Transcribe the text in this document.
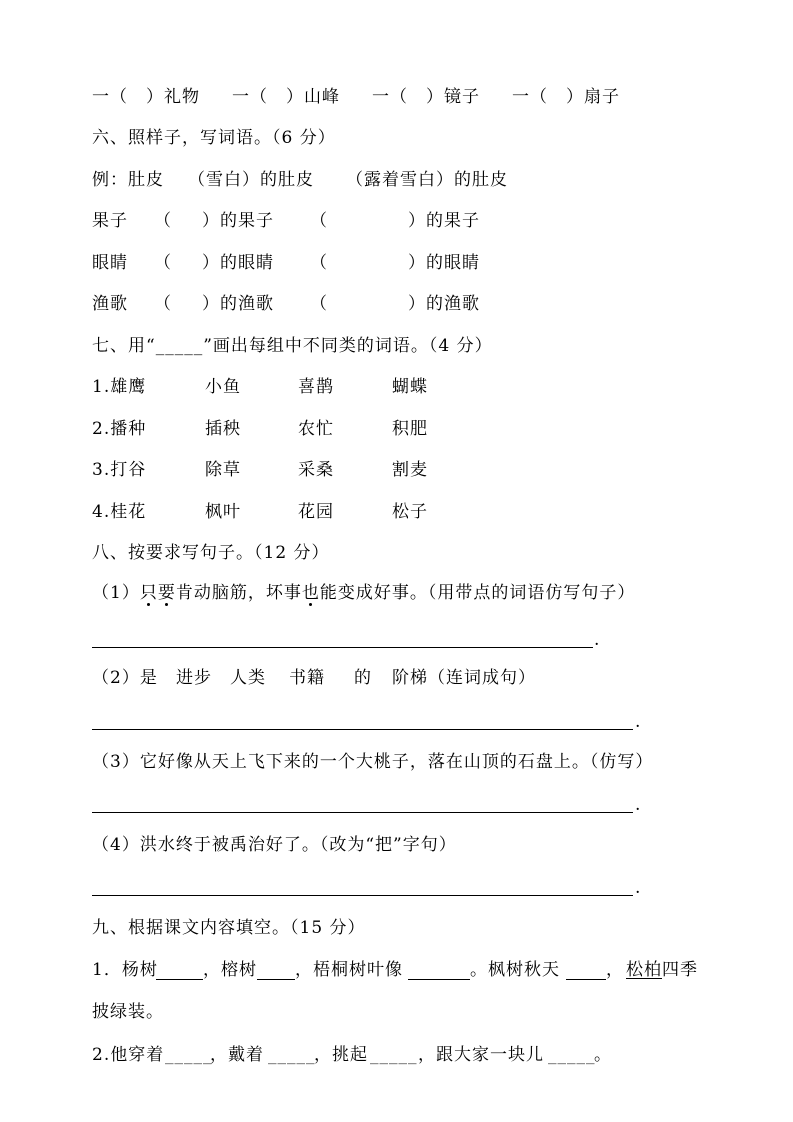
一（ ）礼物 一（ ）山峰 一（ ）镜子 一（ ）扇子
六、照样子，写词语。（6 分）
例：肚皮 （雪白）的肚皮 （露着雪白）的肚皮
果子 （ ）的果子 （	）的果子
眼睛 （ ）的眼睛 （	）的眼睛
渔歌 （ ）的渔歌 （	）的渔歌
七、用“_____”画出每组中不同类的词语。（4 分）
1.雄鹰	小鱼	喜鹊	蝴蝶
2.播种	插秧	农忙	积肥
3.打谷	除草	采桑	割麦
4.桂花	枫叶	花园	松子
八、按要求写句子。（12 分）
（1）只要肯动脑筋，坏事也能变成好事。（用带点的词语仿写句子）
.
（2）是 进步 人类 书籍 的 阶梯（连词成句）
.
（3）它好像从天上飞下来的一个大桃子，落在山顶的石盘上。（仿写）
.
（4）洪水终于被禹治好了。（改为“把”字句）
.
九、根据课文内容填空。（15 分）
1．杨树	，榕树 ，梧桐树叶像	。枫树秋天	， 松柏 四季
披绿装。
2.他穿着 _____
，戴着 _____
，挑起 _____ ，跟大家一块儿 _____
。
